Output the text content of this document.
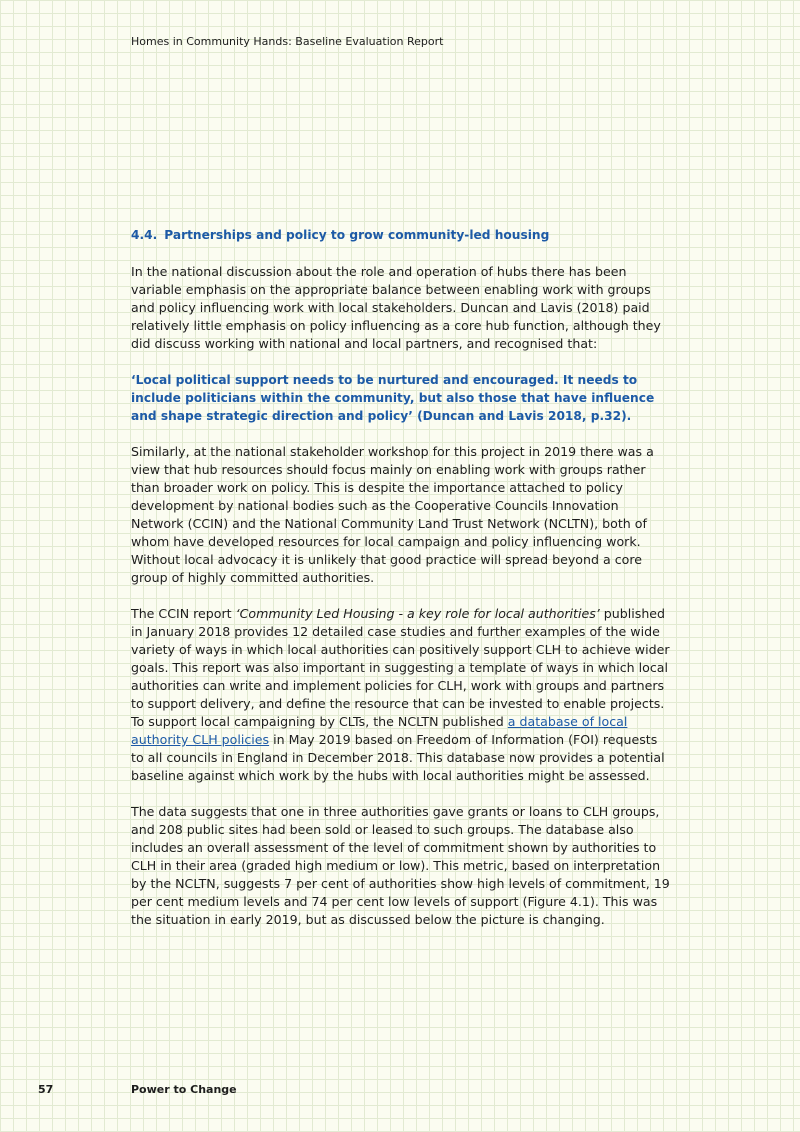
Homes in Community Hands: Baseline Evaluation Report
4.4. Partnerships and policy to grow community-led housing

In the national discussion about the role and operation of hubs there has been variable emphasis on the appropriate balance between enabling work with groups and policy influencing work with local stakeholders. Duncan and Lavis (2018) paid relatively little emphasis on policy influencing as a core hub function, although they did discuss working with national and local partners, and recognised that:

‘Local political support needs to be nurtured and encouraged. It needs to include politicians within the community, but also those that have influence and shape strategic direction and policy’ (Duncan and Lavis 2018, p.32).

Similarly, at the national stakeholder workshop for this project in 2019 there was a view that hub resources should focus mainly on enabling work with groups rather than broader work on policy. This is despite the importance attached to policy development by national bodies such as the Cooperative Councils Innovation Network (CCIN) and the National Community Land Trust Network (NCLTN), both of whom have developed resources for local campaign and policy influencing work. Without local advocacy it is unlikely that good practice will spread beyond a core group of highly committed authorities.

The CCIN report ‘Community Led Housing - a key role for local authorities’ published in January 2018 provides 12 detailed case studies and further examples of the wide variety of ways in which local authorities can positively support CLH to achieve wider goals. This report was also important in suggesting a template of ways in which local authorities can write and implement policies for CLH, work with groups and partners to support delivery, and define the resource that can be invested to enable projects. To support local campaigning by CLTs, the NCLTN published a database of local authority CLH policies in May 2019 based on Freedom of Information (FOI) requests to all councils in England in December 2018. This database now provides a potential baseline against which work by the hubs with local authorities might be assessed.

The data suggests that one in three authorities gave grants or loans to CLH groups, and 208 public sites had been sold or leased to such groups. The database also includes an overall assessment of the level of commitment shown by authorities to CLH in their area (graded high medium or low). This metric, based on interpretation by the NCLTN, suggests 7 per cent of authorities show high levels of commitment, 19 per cent medium levels and 74 per cent low levels of support (Figure 4.1). This was the situation in early 2019, but as discussed below the picture is changing.

57	Power to Change
